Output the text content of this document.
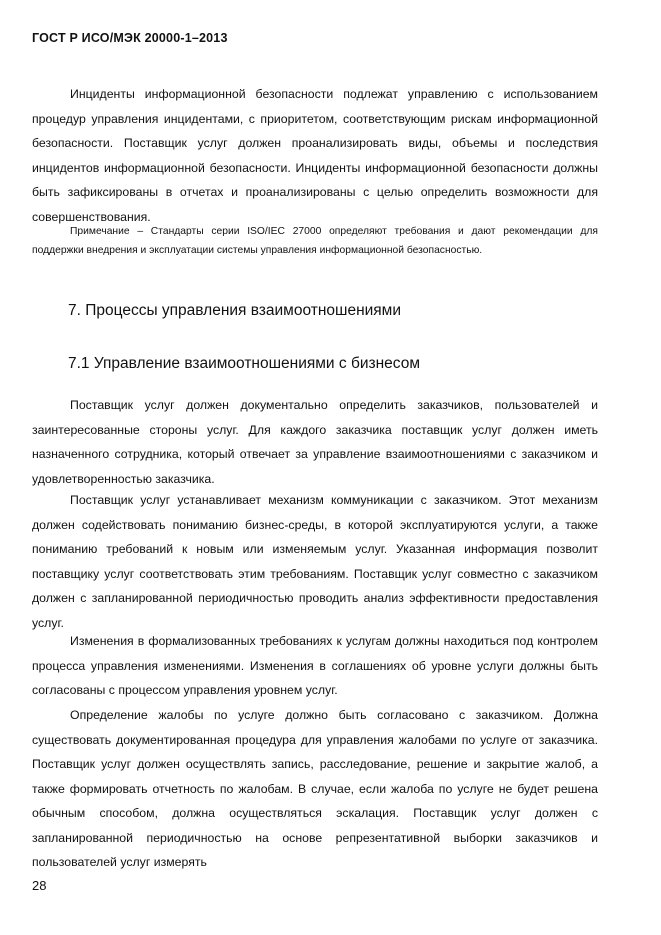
ГОСТ Р ИСО/МЭК 20000-1–2013

Инциденты информационной безопасности подлежат управлению с использованием процедур управления инцидентами, с приоритетом, соответствующим рискам информационной безопасности. Поставщик услуг должен проанализировать виды, объемы и последствия инцидентов информационной безопасности. Инциденты информационной безопасности должны быть зафиксированы в отчетах и проанализированы с целью определить возможности для совершенствования.

Примечание – Стандарты серии ISO/IEC 27000 определяют требования и дают рекомендации для поддержки внедрения и эксплуатации системы управления информационной безопасностью.

7. Процессы управления взаимоотношениями
7.1 Управление взаимоотношениями с бизнесом

Поставщик услуг должен документально определить заказчиков, пользователей и заинтересованные стороны услуг. Для каждого заказчика поставщик услуг должен иметь назначенного сотрудника, который отвечает за управление взаимоотношениями с заказчиком и удовлетворенностью заказчика.

Поставщик услуг устанавливает механизм коммуникации с заказчиком. Этот механизм должен содействовать пониманию бизнес-среды, в которой эксплуатируются услуги, а также пониманию требований к новым или изменяемым услуг. Указанная информация позволит поставщику услуг соответствовать этим требованиям. Поставщик услуг совместно с заказчиком должен с запланированной периодичностью проводить анализ эффективности предоставления услуг.

Изменения в формализованных требованиях к услугам должны находиться под контролем процесса управления изменениями. Изменения в соглашениях об уровне услуги должны быть согласованы с процессом управления уровнем услуг.

Определение жалобы по услуге должно быть согласовано с заказчиком. Должна существовать документированная процедура для управления жалобами по услуге от заказчика. Поставщик услуг должен осуществлять запись, расследование, решение и закрытие жалоб, а также формировать отчетность по жалобам. В случае, если жалоба по услуге не будет решена обычным способом, должна осуществляться эскалация. Поставщик услуг должен с запланированной периодичностью на основе репрезентативной выборки заказчиков и пользователей услуг измерять

28
